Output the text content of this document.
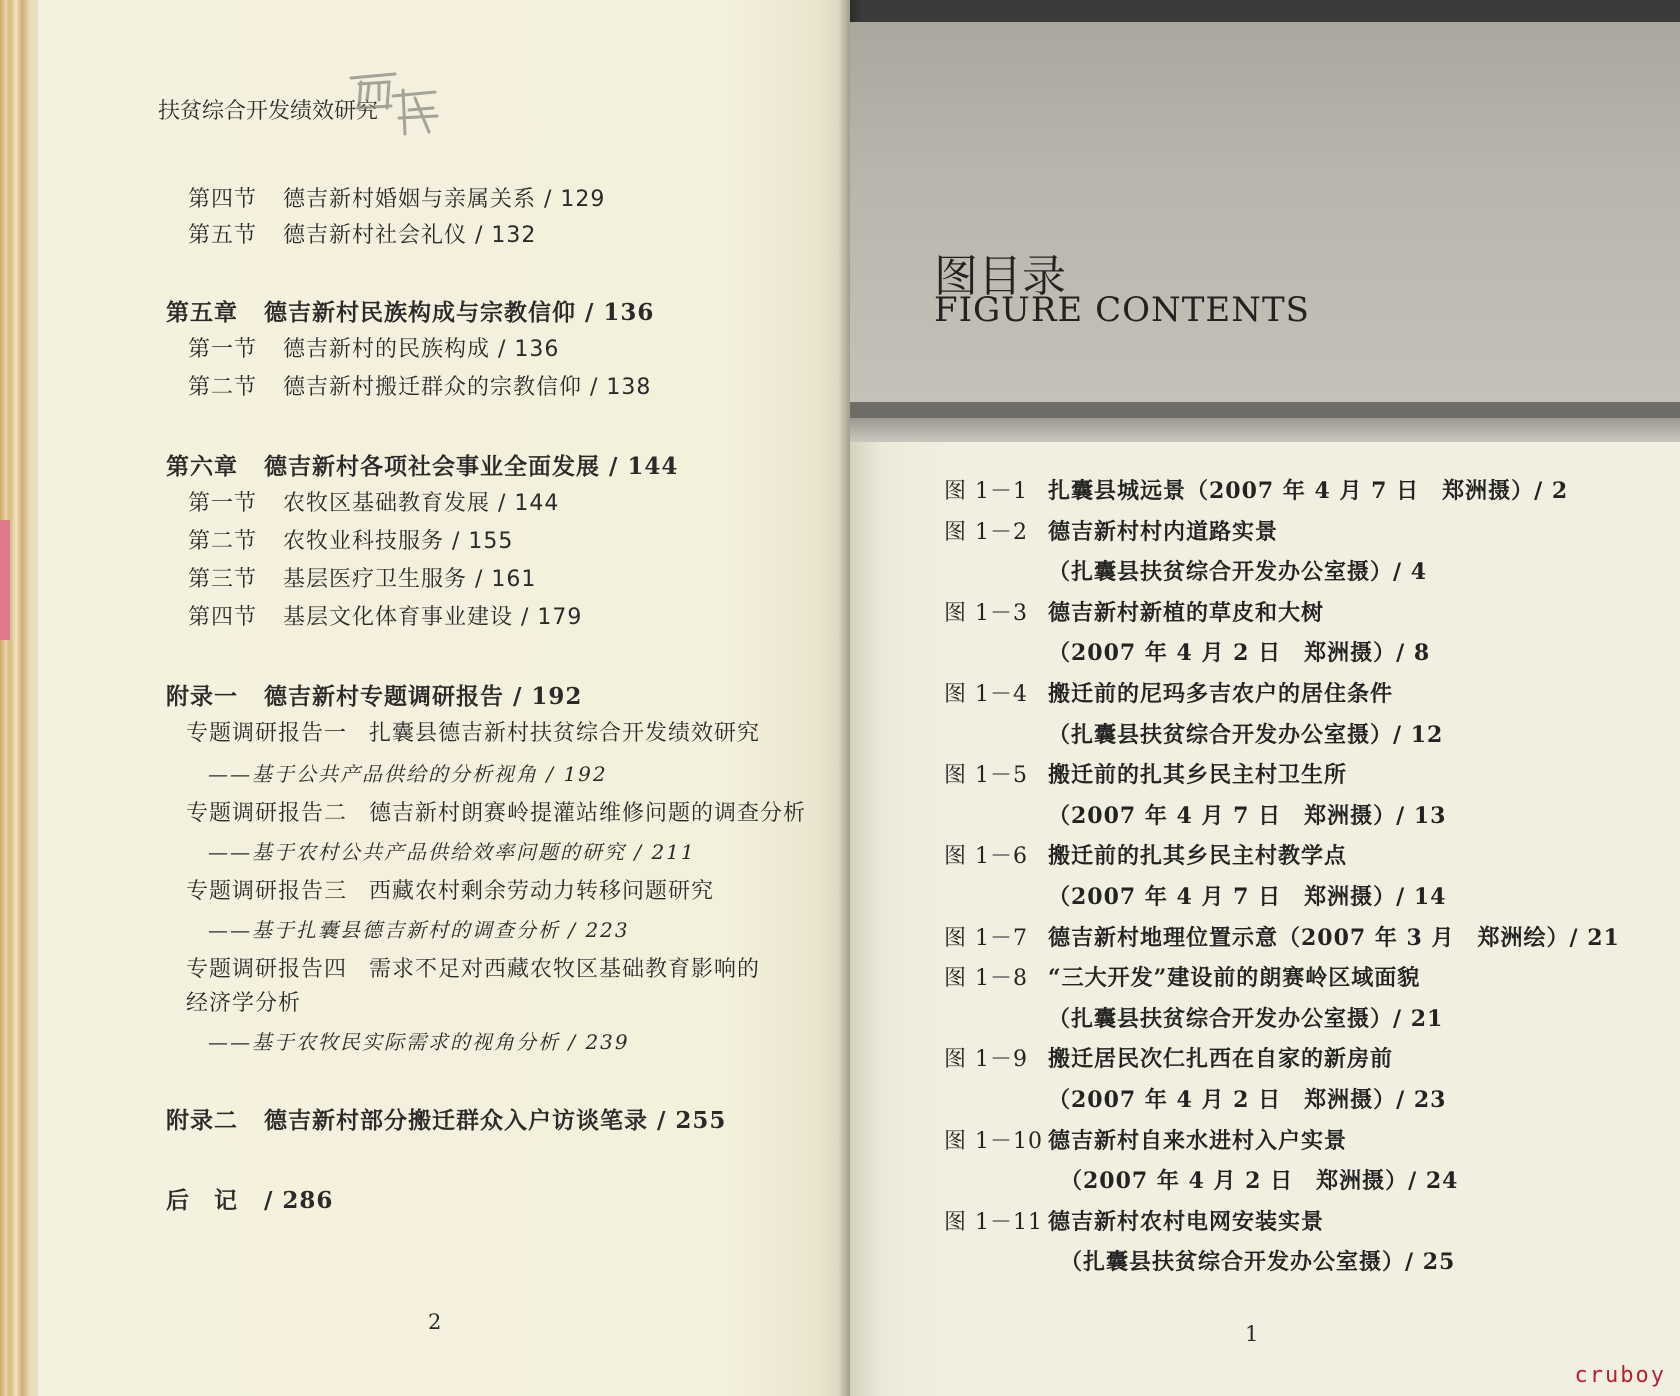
扶贫综合开发绩效研究
第四节 德吉新村婚姻与亲属关系 / 129
第五节 德吉新村社会礼仪 / 132
第五章 德吉新村民族构成与宗教信仰 / 136
第一节 德吉新村的民族构成 / 136
第二节 德吉新村搬迁群众的宗教信仰 / 138
第六章 德吉新村各项社会事业全面发展 / 144
第一节 农牧区基础教育发展 / 144
第二节 农牧业科技服务 / 155
第三节 基层医疗卫生服务 / 161
第四节 基层文化体育事业建设 / 179
附录一 德吉新村专题调研报告 / 192
专题调研报告一 扎囊县德吉新村扶贫综合开发绩效研究
——基于公共产品供给的分析视角 / 192
专题调研报告二 德吉新村朗赛岭提灌站维修问题的调查分析
——基于农村公共产品供给效率问题的研究 / 211
专题调研报告三 西藏农村剩余劳动力转移问题研究
——基于扎囊县德吉新村的调查分析 / 223
专题调研报告四 需求不足对西藏农牧区基础教育影响的
经济学分析
——基于农牧民实际需求的视角分析 / 239
附录二 德吉新村部分搬迁群众入户访谈笔录 / 255
后　记 / 286
2	1
图目录
FIGURE CONTENTS
图 1－1 扎囊县城远景（2007 年 4 月 7 日　郑洲摄）/ 2
图 1－2 德吉新村村内道路实景
（扎囊县扶贫综合开发办公室摄）/ 4
图 1－3 德吉新村新植的草皮和大树
（2007 年 4 月 2 日　郑洲摄）/ 8
图 1－4 搬迁前的尼玛多吉农户的居住条件
（扎囊县扶贫综合开发办公室摄）/ 12
图 1－5 搬迁前的扎其乡民主村卫生所
（2007 年 4 月 7 日　郑洲摄）/ 13
图 1－6 搬迁前的扎其乡民主村教学点
（2007 年 4 月 7 日　郑洲摄）/ 14
图 1－7 德吉新村地理位置示意（2007 年 3 月　郑洲绘）/ 21
图 1－8 “三大开发”建设前的朗赛岭区域面貌
（扎囊县扶贫综合开发办公室摄）/ 21
图 1－9 搬迁居民次仁扎西在自家的新房前
（2007 年 4 月 2 日　郑洲摄）/ 23
图 1－10 德吉新村自来水进村入户实景
（2007 年 4 月 2 日　郑洲摄）/ 24
图 1－11 德吉新村农村电网安装实景
（扎囊县扶贫综合开发办公室摄）/ 25
cruboy
